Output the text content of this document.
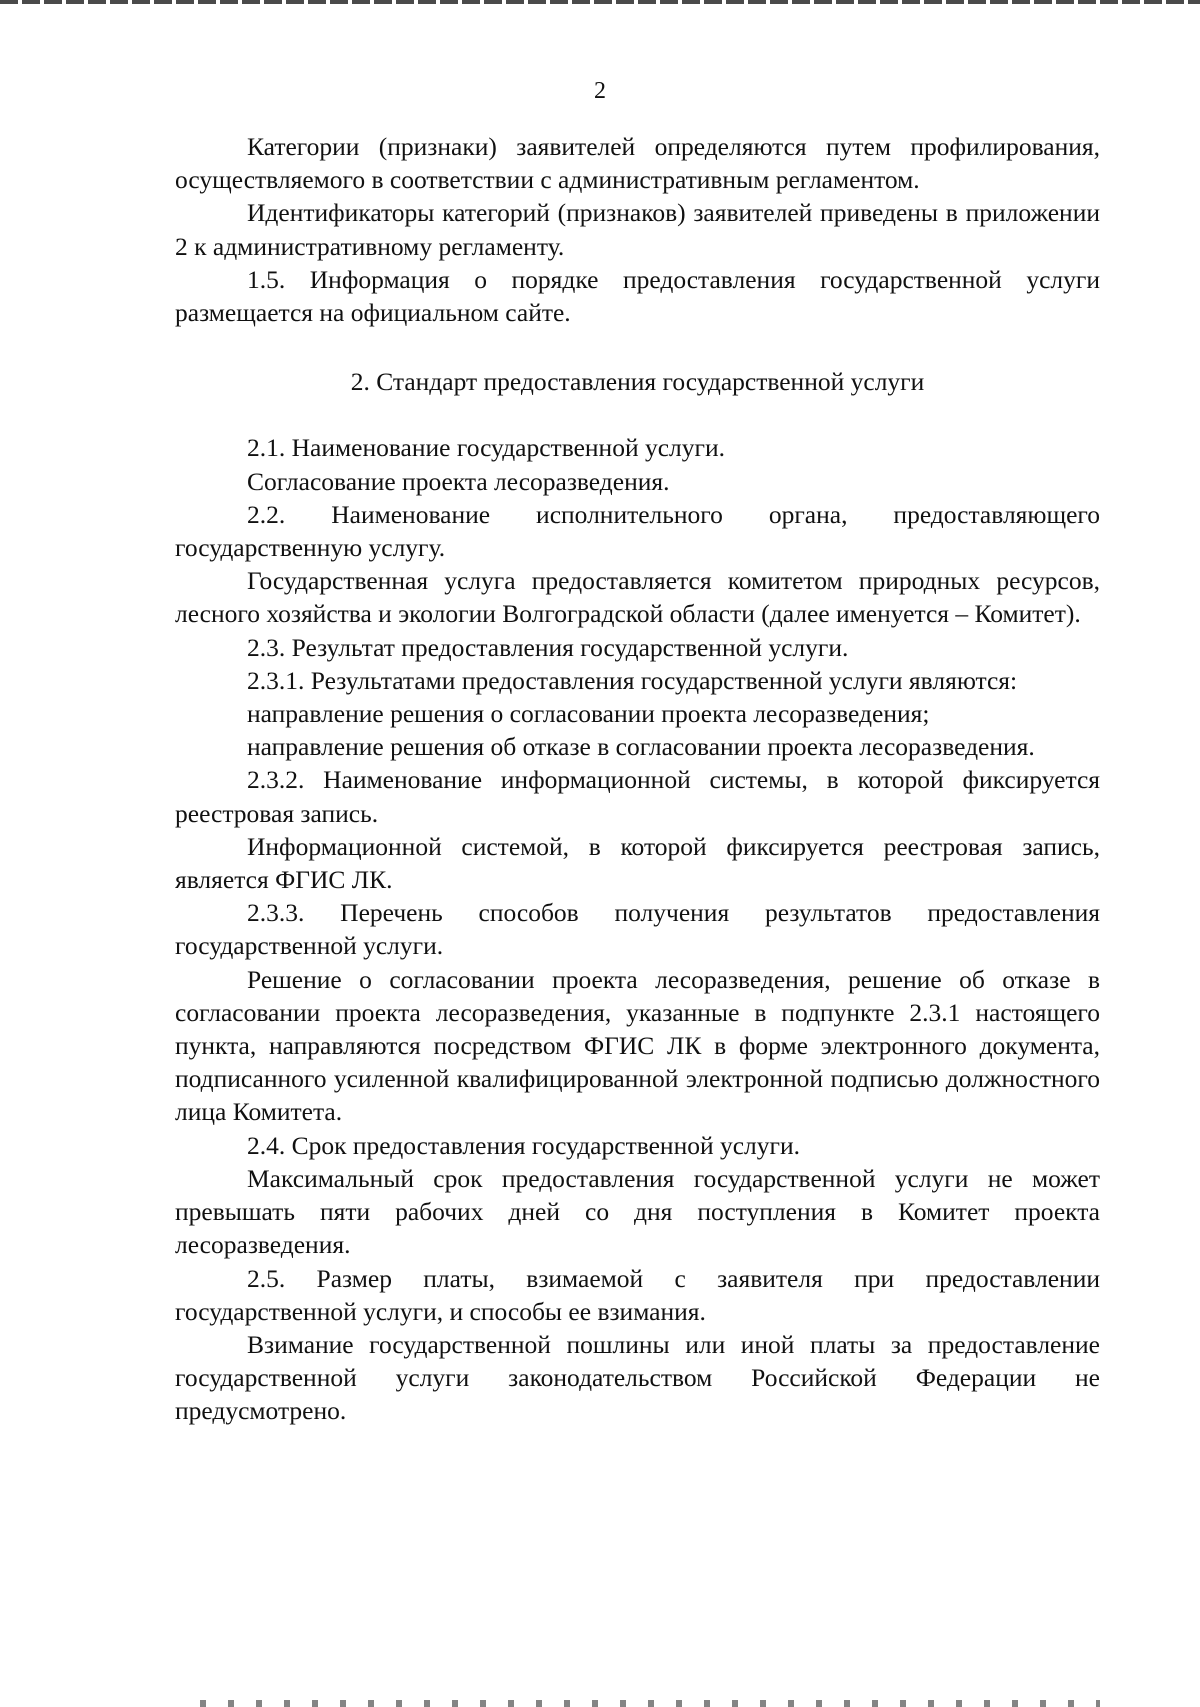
2

Категории (признаки) заявителей определяются путем профилирования, осуществляемого в соответствии с административным регламентом.

Идентификаторы категорий (признаков) заявителей приведены в приложении 2 к административному регламенту.

1.5. Информация о порядке предоставления государственной услуги размещается на официальном сайте.

2. Стандарт предоставления государственной услуги

2.1. Наименование государственной услуги.

Согласование проекта лесоразведения.

2.2. Наименование исполнительного органа, предоставляющего государственную услугу.

Государственная услуга предоставляется комитетом природных ресурсов, лесного хозяйства и экологии Волгоградской области (далее именуется – Комитет).

2.3. Результат предоставления государственной услуги.

2.3.1. Результатами предоставления государственной услуги являются:

направление решения о согласовании проекта лесоразведения;

направление решения об отказе в согласовании проекта лесоразведения.

2.3.2. Наименование информационной системы, в которой фиксируется реестровая запись.

Информационной системой, в которой фиксируется реестровая запись, является ФГИС ЛК.

2.3.3. Перечень способов получения результатов предоставления государственной услуги.

Решение о согласовании проекта лесоразведения, решение об отказе в согласовании проекта лесоразведения, указанные в подпункте 2.3.1 настоящего пункта, направляются посредством ФГИС ЛК в форме электронного документа, подписанного усиленной квалифицированной электронной подписью должностного лица Комитета.

2.4. Срок предоставления государственной услуги.

Максимальный срок предоставления государственной услуги не может превышать пяти рабочих дней со дня поступления в Комитет проекта лесоразведения.

2.5. Размер платы, взимаемой с заявителя при предоставлении государственной услуги, и способы ее взимания.

Взимание государственной пошлины или иной платы за предоставление государственной услуги законодательством Российской Федерации не предусмотрено.
